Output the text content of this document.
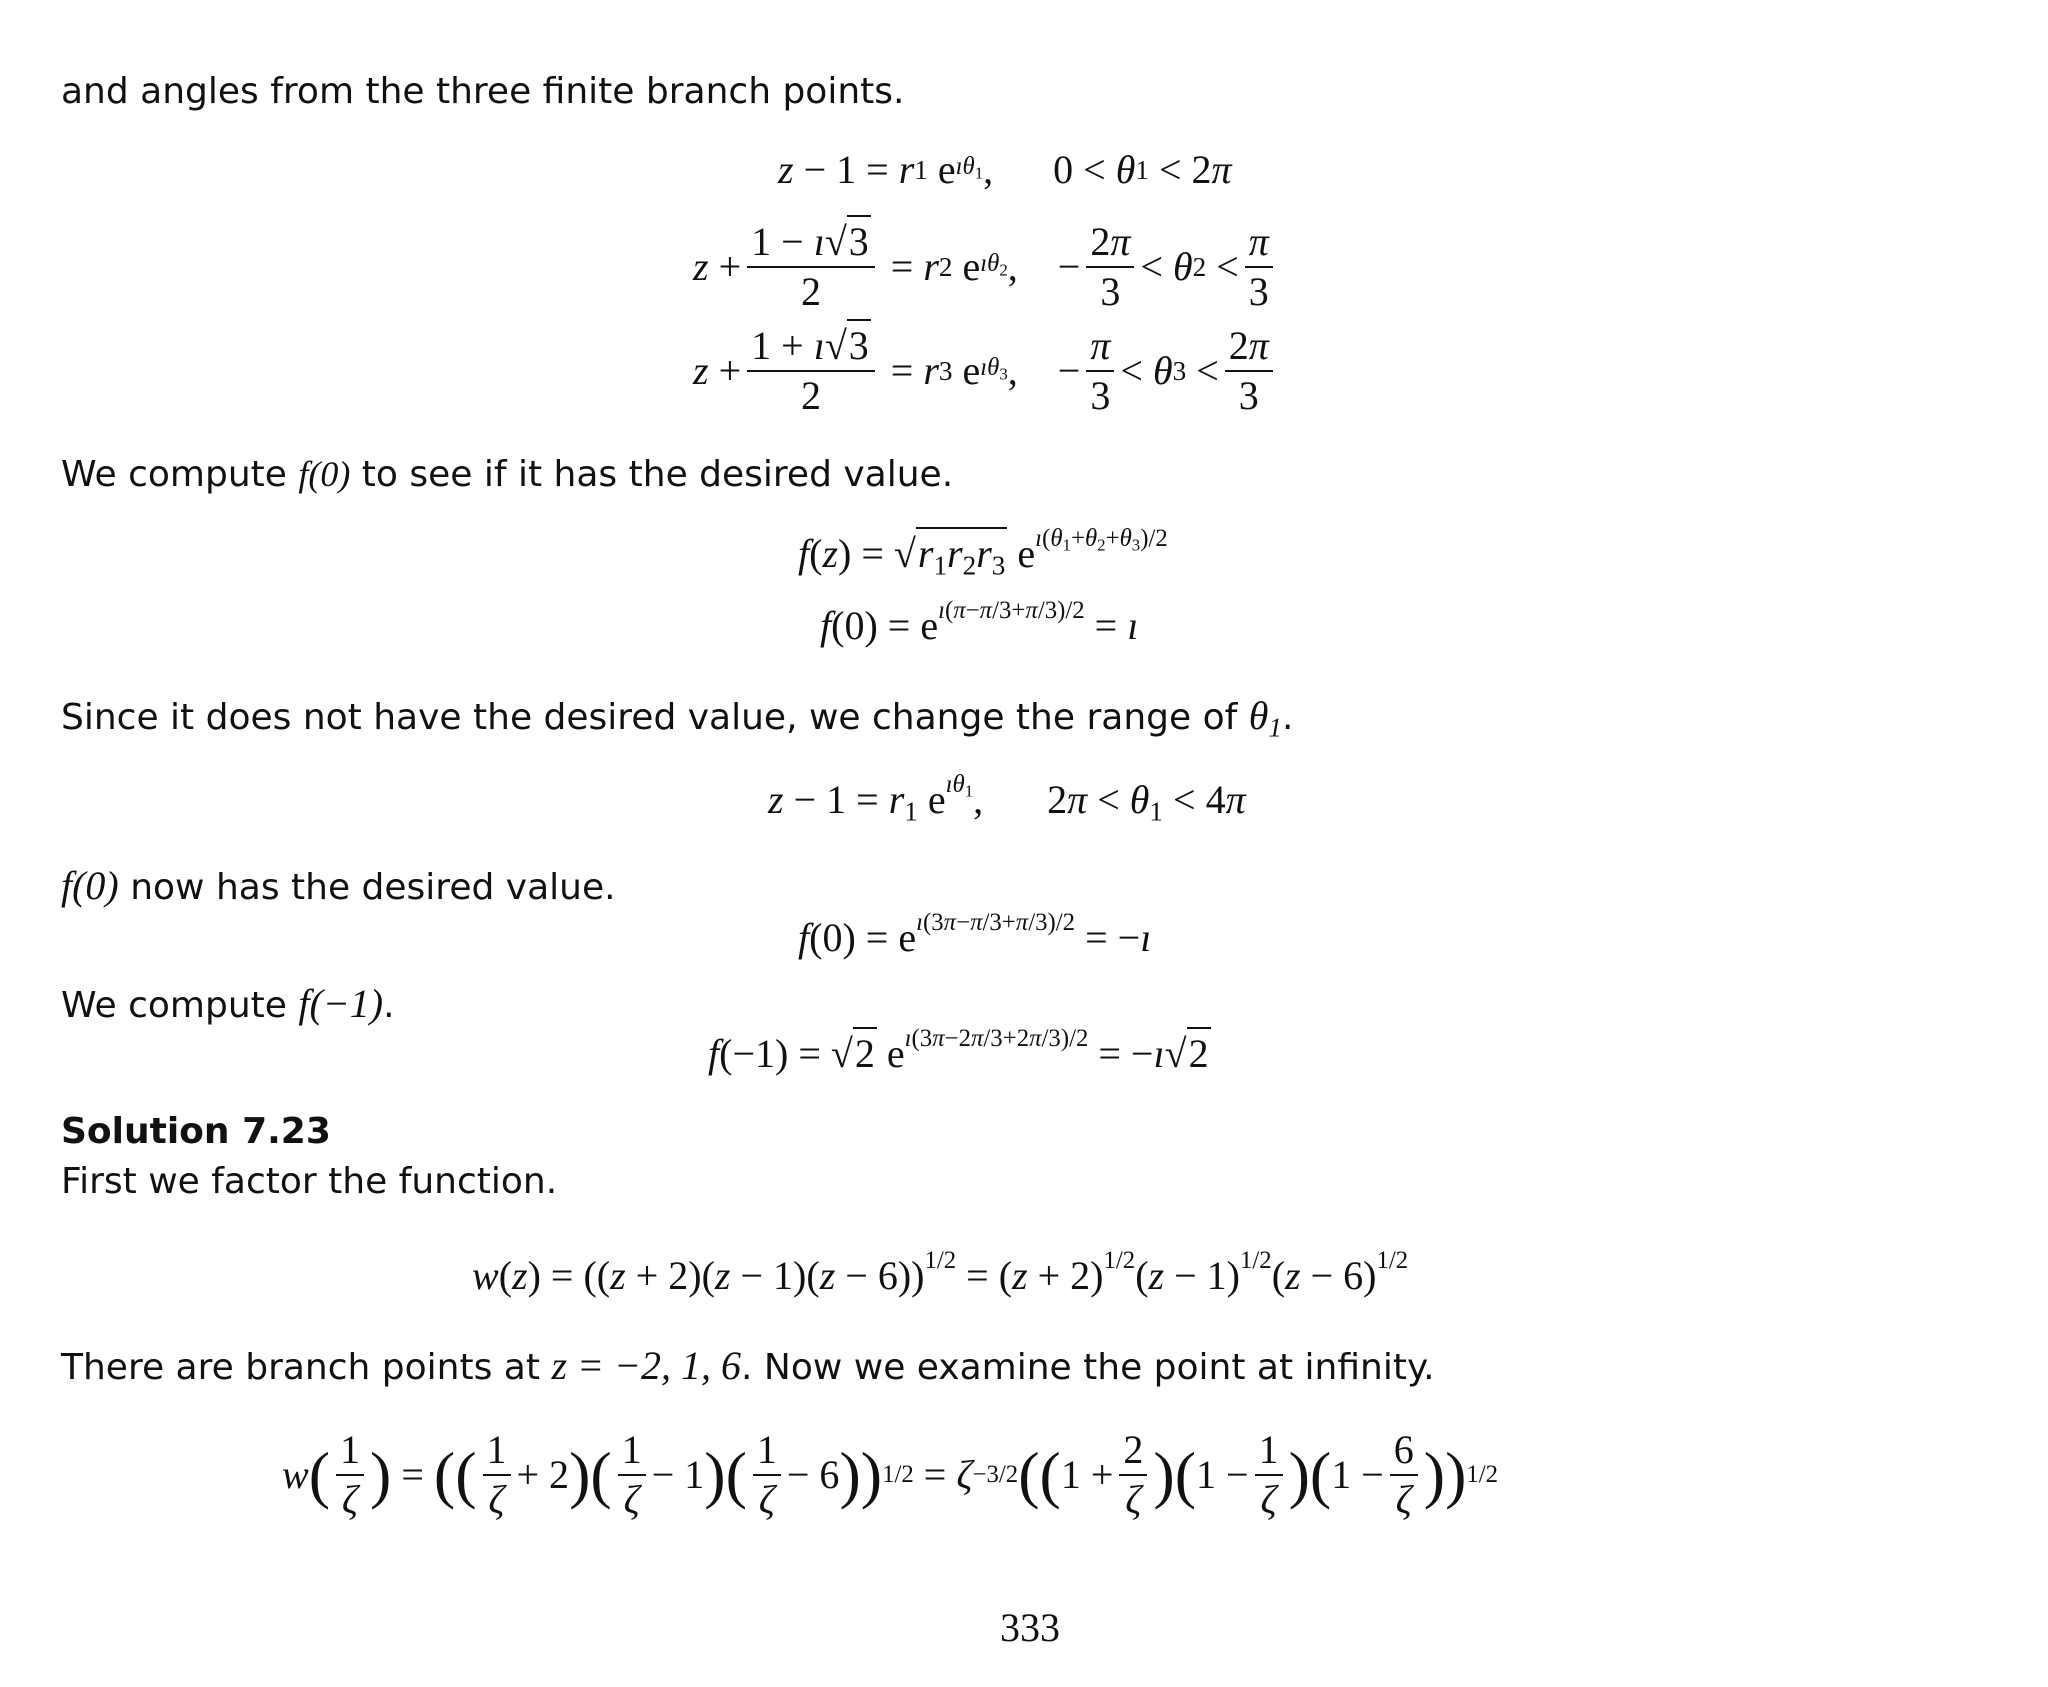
and angles from the three finite branch points.
z − 1 = r 1
e $ı\theta_1$ , 0 < θ 1 < 2 π
$z + \frac{1 - ı√3}{2} = r$ 2 e $ı\theta_2$ ,
− $\frac{2\pi}{3} < \theta$ $2 < \frac{\pi}{3}$
$z + \frac{1 + ı√3}{2} = r$ 3 e $ı\theta_3$ ,
− $\frac{\pi}{3} < \theta$ $3 < \frac{2\pi}{3}$
We compute f(0) to see if it has the desired value.
$f(z) = √r_1r_2r_3$ $e^{ı(\theta_1+\theta_2+\theta_3)/2}$
$f(0) = e^{ı(\pi-\pi/3+\pi/3)/2}$ = ı
Since it does not have the desired value, we change the range of $\theta_1$.
$z - 1 = r_1$ $e^{ı\theta_1}$,  $2\pi < \theta_1 < 4\pi$
f(0) now has the desired value.
$f(0) = e^{ı(3\pi-\pi/3+\pi/3)/2}$ = −ı
We compute f(−1).
f(−1) = √2 $e^{ı(3\pi-2\pi/3+2\pi/3)/2}$ = −ı√2
Solution 7.23
First we factor the function.
$w(z) = ((z + 2)(z - 1)(z - 6))^{1/2} = (z + 2)^{1/2}(z - 1)^{1/2}(z - 6)^{1/2}$
There are branch points at z = −2, 1, 6. Now we examine the point at infinity.
w ( $\frac{1}{\zeta}$ ) = (( $\frac{1}{\zeta} + 2$ ) ( $\frac{1}{\zeta} - 1$ ) ( $\frac{1}{\zeta} - 6$ )) 1/2 = ζ −3/2 (( $1 + \frac{2}{\zeta}$ ) ( $1 - \frac{1}{\zeta}$ ) ( $1 - \frac{6}{\zeta}$ )) 1/2
333
